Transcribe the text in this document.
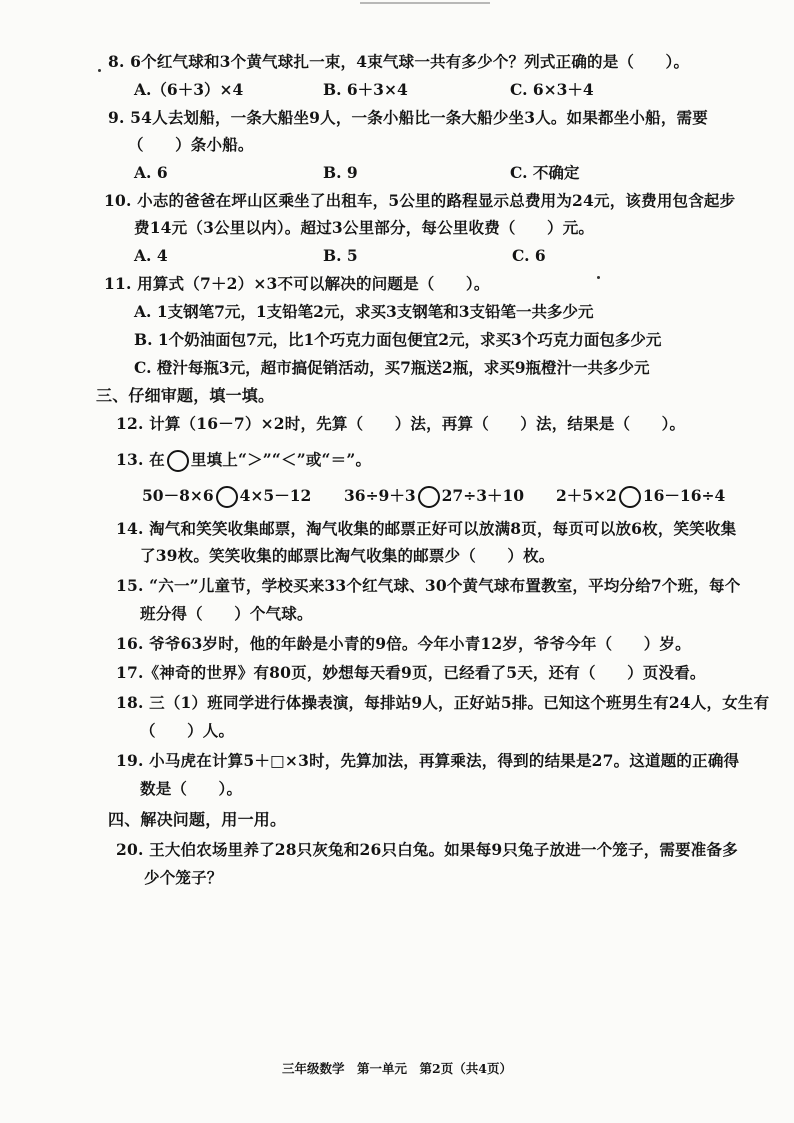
8. 6个红气球和3个黄气球扎一束，4束气球一共有多少个？列式正确的是（　　）。
A.（6＋3）×4	B. 6＋3×4	C. 6×3＋4
9. 54人去划船，一条大船坐9人，一条小船比一条大船少坐3人。如果都坐小船，需要
（　　）条小船。
A. 6	B. 9	C. 不确定
10. 小志的爸爸在坪山区乘坐了出租车，5公里的路程显示总费用为24元，该费用包含起步
费14元（3公里以内）。超过3公里部分，每公里收费（　　）元。
A. 4	B. 5	C. 6
11. 用算式（7＋2）×3不可以解决的问题是（　　）。
A. 1支钢笔7元，1支铅笔2元，求买3支钢笔和3支铅笔一共多少元
B. 1个奶油面包7元，比1个巧克力面包便宜2元，求买3个巧克力面包多少元
C. 橙汁每瓶3元，超市搞促销活动，买7瓶送2瓶，求买9瓶橙汁一共多少元
三、仔细审题，填一填。
12. 计算（16－7）×2时，先算（　　）法，再算（　　）法，结果是（　　）。
13. 在 里填上“＞”“＜”或“＝”。
50－8×6 4×5－12 36÷9＋3 27÷3＋10 2＋5×2 16－16÷4
14. 淘气和笑笑收集邮票，淘气收集的邮票正好可以放满8页，每页可以放6枚，笑笑收集
了39枚。笑笑收集的邮票比淘气收集的邮票少（　　）枚。
15. “六一”儿童节，学校买来33个红气球、30个黄气球布置教室，平均分给7个班，每个
班分得（　　）个气球。
16. 爷爷63岁时，他的年龄是小青的9倍。今年小青12岁，爷爷今年（　　）岁。
17.《神奇的世界》有80页，妙想每天看9页，已经看了5天，还有（　　）页没看。
18. 三（1）班同学进行体操表演，每排站9人，正好站5排。已知这个班男生有24人，女生有
（　　）人。
19. 小马虎在计算5＋□×3时，先算加法，再算乘法，得到的结果是27。这道题的正确得
数是（　　）。
四、解决问题，用一用。
20. 王大伯农场里养了28只灰兔和26只白兔。如果每9只兔子放进一个笼子，需要准备多
少个笼子？
三年级数学　第一单元　第2页（共4页）
